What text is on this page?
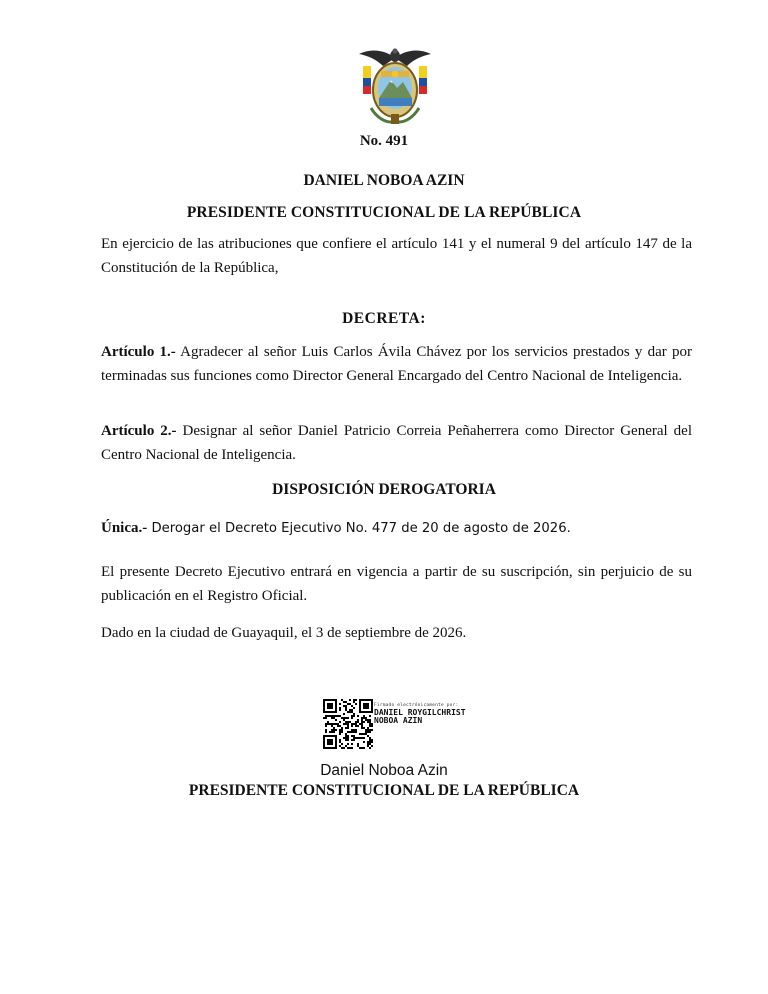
No. 491
DANIEL NOBOA AZIN
PRESIDENTE CONSTITUCIONAL DE LA REPÚBLICA

En ejercicio de las atribuciones que confiere el artículo 141 y el numeral 9 del artículo 147 de la Constitución de la República,

DECRETA:

Artículo 1.- Agradecer al señor Luis Carlos Ávila Chávez por los servicios prestados y dar por terminadas sus funciones como Director General Encargado del Centro Nacional de Inteligencia.

Artículo 2.- Designar al señor Daniel Patricio Correia Peñaherrera como Director General del Centro Nacional de Inteligencia.

DISPOSICIÓN DEROGATORIA

Única.- Derogar el Decreto Ejecutivo No. 477 de 20 de agosto de 2026.

El presente Decreto Ejecutivo entrará en vigencia a partir de su suscripción, sin perjuicio de su publicación en el Registro Oficial.

Dado en la ciudad de Guayaquil, el 3 de septiembre de 2026.

Firmado electrónicamente por:
DANIEL ROYGILCHRIST
NOBOA AZIN
Daniel Noboa Azin
PRESIDENTE CONSTITUCIONAL DE LA REPÚBLICA
